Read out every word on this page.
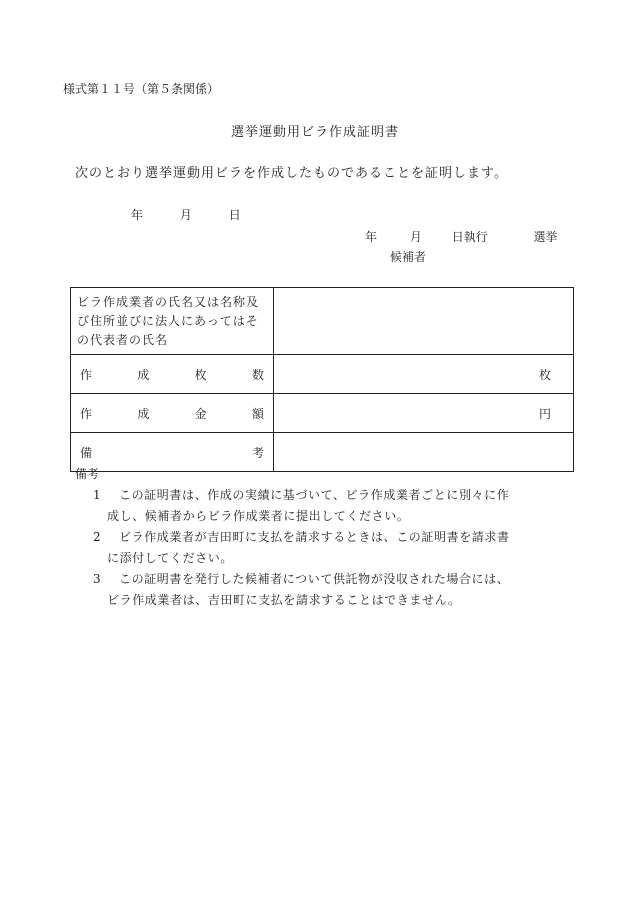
様式第１１号（第５条関係）
選挙運動用ビラ作成証明書
次のとおり選挙運動用ビラを作成したものであることを証明します。
年	月	日
年	月 日執行	選挙
候補者
ビラ作成業者の氏名又は名称及び住所並びに法人にあってはその代表者の氏名	

作 成 枚 数	枚

作 成 金 額	円

備 考	

備考
1 この証明書は、作成の実績に基づいて、ビラ作成業者ごとに別々に作
成し、候補者からビラ作成業者に提出してください。
2 ビラ作成業者が吉田町に支払を請求するときは、この証明書を請求書
に添付してください。
3 この証明書を発行した候補者について供託物が没収された場合には、
ビラ作成業者は、吉田町に支払を請求することはできません。
